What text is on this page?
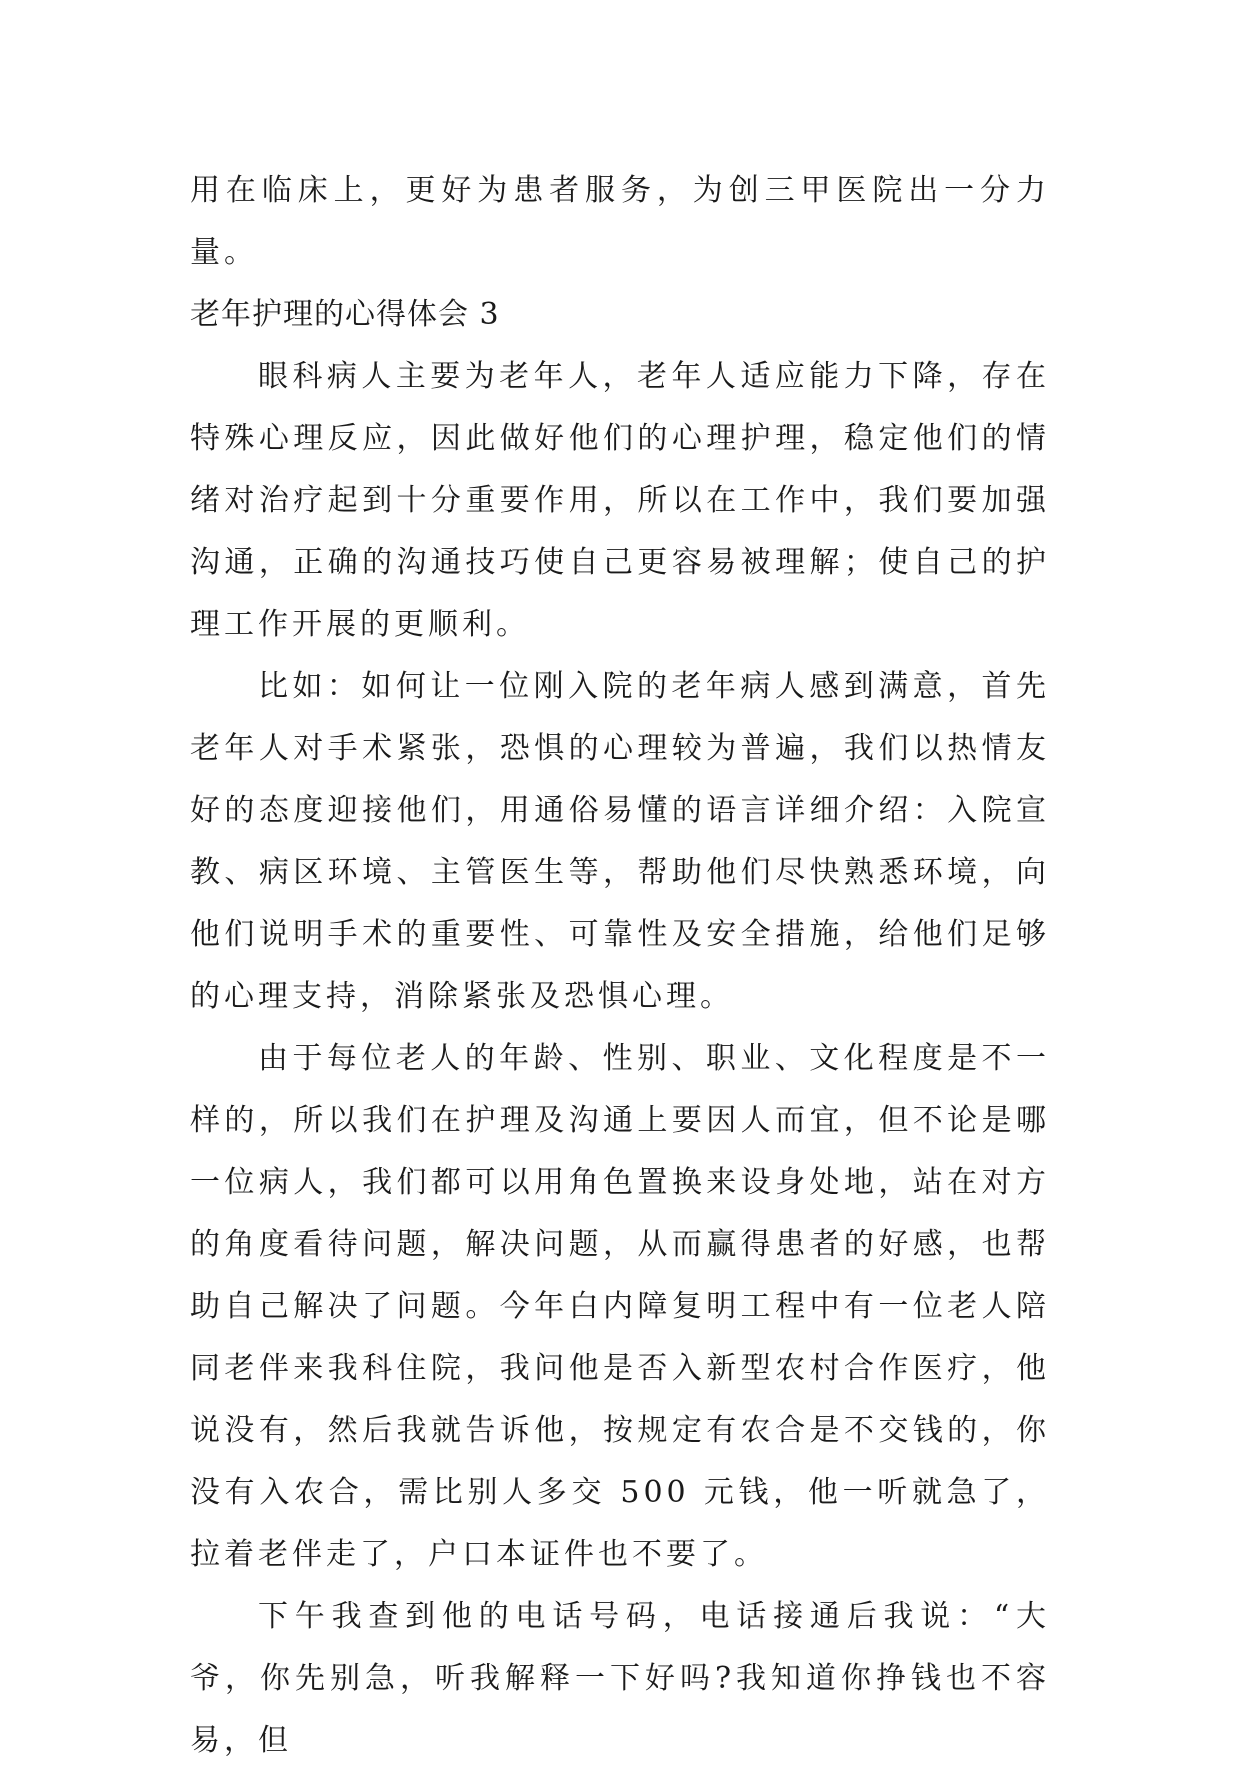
用在临床上，更好为患者服务，为创三甲医院出一分力量。

老年护理的心得体会 3

眼科病人主要为老年人，老年人适应能力下降，存在特殊心理反应，因此做好他们的心理护理，稳定他们的情绪对治疗起到十分重要作用，所以在工作中，我们要加强沟通，正确的沟通技巧使自己更容易被理解；使自己的护理工作开展的更顺利。

比如：如何让一位刚入院的老年病人感到满意，首先老年人对手术紧张，恐惧的心理较为普遍，我们以热情友好的态度迎接他们，用通俗易懂的语言详细介绍：入院宣教、病区环境、主管医生等，帮助他们尽快熟悉环境，向他们说明手术的重要性、可靠性及安全措施，给他们足够的心理支持，消除紧张及恐惧心理。

由于每位老人的年龄、性别、职业、文化程度是不一样的，所以我们在护理及沟通上要因人而宜，但不论是哪一位病人，我们都可以用角色置换来设身处地，站在对方的角度看待问题，解决问题，从而赢得患者的好感，也帮助自己解决了问题。今年白内障复明工程中有一位老人陪同老伴来我科住院，我问他是否入新型农村合作医疗，他说没有，然后我就告诉他，按规定有农合是不交钱的，你没有入农合，需比别人多交 500 元钱，他一听就急了，拉着老伴走了，户口本证件也不要了。

下午我查到他的电话号码，电话接通后我说：“大爷，你先别急，听我解释一下好吗?我知道你挣钱也不容易，但
